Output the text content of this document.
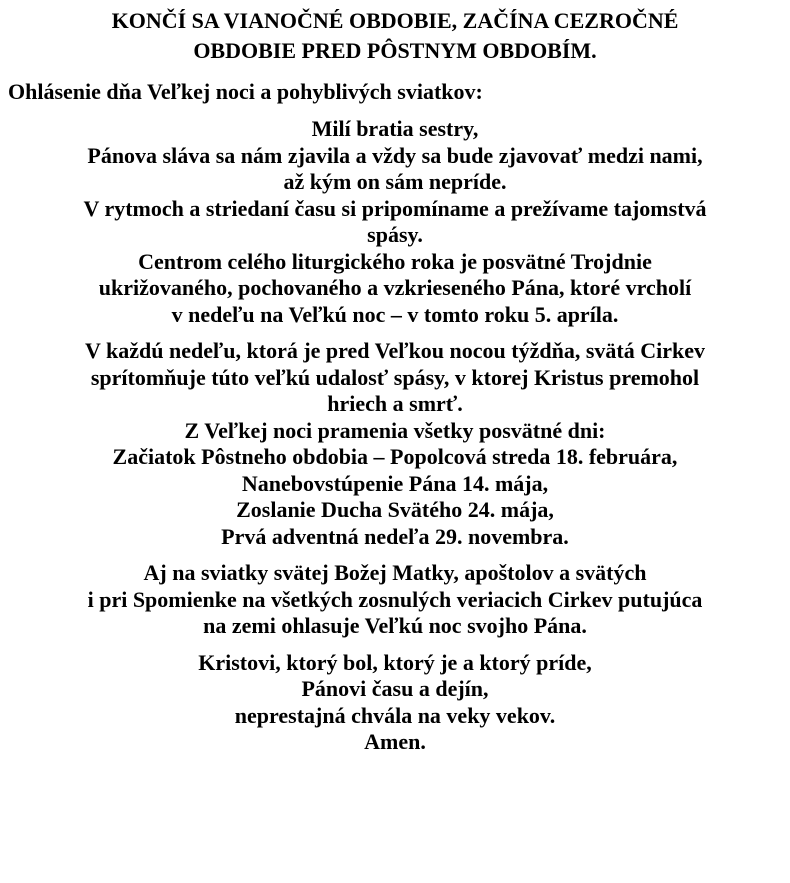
KONČÍ SA VIANOČNÉ OBDOBIE, ZAČÍNA CEZROČNÉ
OBDOBIE PRED PÔSTNYM OBDOBÍM.

Ohlásenie dňa Veľkej noci a pohyblivých sviatkov:

Milí bratia sestry,
Pánova sláva sa nám zjavila a vždy sa bude zjavovať medzi nami,
až kým on sám nepríde.
V rytmoch a striedaní času si pripomíname a prežívame tajomstvá
spásy.
Centrom celého liturgického roka je posvätné Trojdnie
ukrižovaného, pochovaného a vzkrieseného Pána, ktoré vrcholí
v nedeľu na Veľkú noc – v tomto roku 5. apríla.
V každú nedeľu, ktorá je pred Veľkou nocou týždňa, svätá Cirkev
sprítomňuje túto veľkú udalosť spásy, v ktorej Kristus premohol
hriech a smrť.
Z Veľkej noci pramenia všetky posvätné dni:
Začiatok Pôstneho obdobia – Popolcová streda 18. februára,
Nanebovstúpenie Pána 14. mája,
Zoslanie Ducha Svätého 24. mája,
Prvá adventná nedeľa 29. novembra.
Aj na sviatky svätej Božej Matky, apoštolov a svätých
i pri Spomienke na všetkých zosnulých veriacich Cirkev putujúca
na zemi ohlasuje Veľkú noc svojho Pána.
Kristovi, ktorý bol, ktorý je a ktorý príde,
Pánovi času a dejín,
neprestajná chvála na veky vekov.
Amen.
